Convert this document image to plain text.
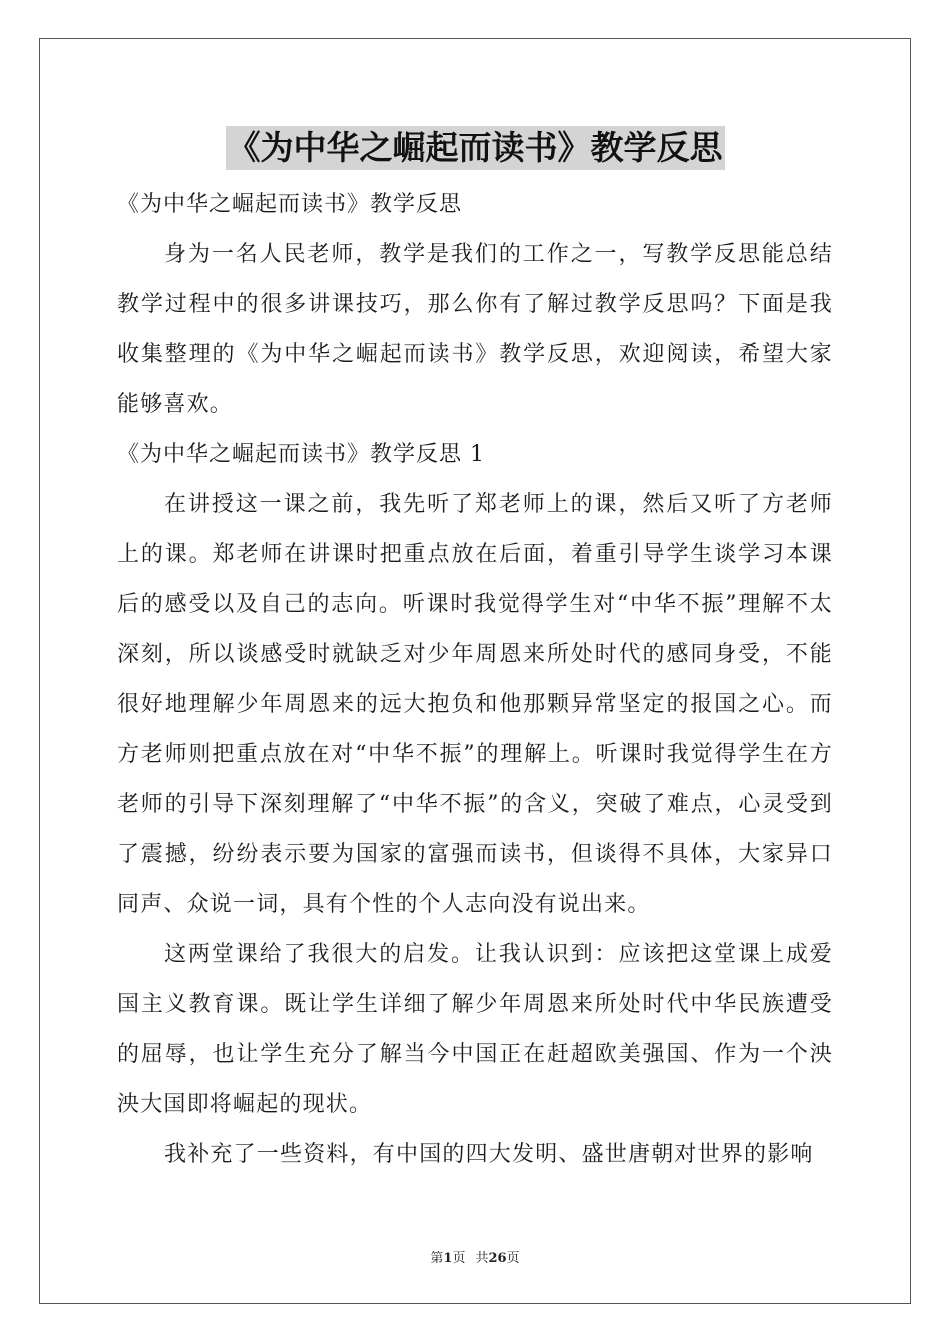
《为中华之崛起而读书》教学反思

《为中华之崛起而读书》教学反思

身为一名人民老师，教学是我们的工作之一，写教学反思能总结教学过程中的很多讲课技巧，那么你有了解过教学反思吗？下面是我收集整理的《为中华之崛起而读书》教学反思，欢迎阅读，希望大家能够喜欢。

《为中华之崛起而读书》教学反思 1

在讲授这一课之前，我先听了郑老师上的课，然后又听了方老师上的课。郑老师在讲课时把重点放在后面，着重引导学生谈学习本课后的感受以及自己的志向。听课时我觉得学生对“中华不振”理解不太深刻，所以谈感受时就缺乏对少年周恩来所处时代的感同身受，不能很好地理解少年周恩来的远大抱负和他那颗异常坚定的报国之心。而方老师则把重点放在对“中华不振”的理解上。听课时我觉得学生在方老师的引导下深刻理解了“中华不振”的含义，突破了难点，心灵受到了震撼，纷纷表示要为国家的富强而读书，但谈得不具体，大家异口同声、众说一词，具有个性的个人志向没有说出来。

这两堂课给了我很大的启发。让我认识到：应该把这堂课上成爱国主义教育课。既让学生详细了解少年周恩来所处时代中华民族遭受的屈辱，也让学生充分了解当今中国正在赶超欧美强国、作为一个泱泱大国即将崛起的现状。

我补充了一些资料，有中国的四大发明、盛世唐朝对世界的影响

第1页 共26页
